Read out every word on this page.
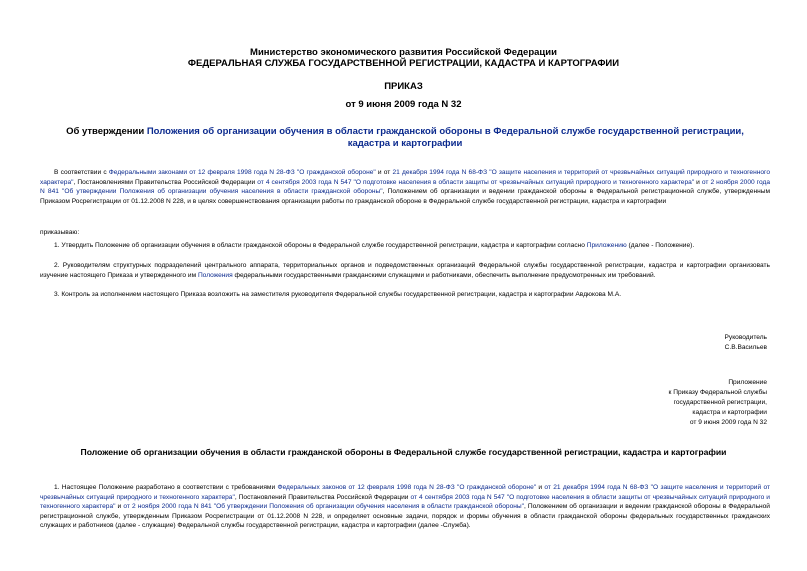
Министерство экономического развития Российской Федерации
ФЕДЕРАЛЬНАЯ СЛУЖБА ГОСУДАРСТВЕННОЙ РЕГИСТРАЦИИ, КАДАСТРА И КАРТОГРАФИИ
ПРИКАЗ
от 9 июня 2009 года N 32
Об утверждении Положения об организации обучения в области гражданской обороны в Федеральной службе государственной регистрации, кадастра и картографии
В соответствии с Федеральными законами от 12 февраля 1998 года N 28-ФЗ "О гражданской обороне" и от 21 декабря 1994 года N 68-ФЗ "О защите населения и территорий от чрезвычайных ситуаций природного и техногенного характера", Постановлениями Правительства Российской Федерации от 4 сентября 2003 года N 547 "О подготовке населения в области защиты от чрезвычайных ситуаций природного и техногенного характера" и от 2 ноября 2000 года N 841 "Об утверждении Положения об организации обучения населения в области гражданской обороны", Положением об организации и ведении гражданской обороны в Федеральной регистрационной службе, утвержденным Приказом Росрегистрации от 01.12.2008 N 228, и в целях совершенствования организации работы по гражданской обороне в Федеральной службе государственной регистрации, кадастра и картографии
приказываю:
1. Утвердить Положение об организации обучения в области гражданской обороны в Федеральной службе государственной регистрации, кадастра и картографии согласно Приложению (далее - Положение).
2. Руководителям структурных подразделений центрального аппарата, территориальных органов и подведомственных организаций Федеральной службы государственной регистрации, кадастра и картографии организовать изучение настоящего Приказа и утвержденного им Положения федеральными государственными гражданскими служащими и работниками, обеспечить выполнение предусмотренных им требований.
3. Контроль за исполнением настоящего Приказа возложить на заместителя руководителя Федеральной службы государственной регистрации, кадастра и картографии Авдюкова М.А.
Руководитель
С.В.Васильев
Приложение
к Приказу Федеральной службы
государственной регистрации,
кадастра и картографии
от 9 июня 2009 года N 32
Положение об организации обучения в области гражданской обороны в Федеральной службе государственной регистрации, кадастра и картографии
1. Настоящее Положение разработано в соответствии с требованиями Федеральных законов от 12 февраля 1998 года N 28-ФЗ "О гражданской обороне" и от 21 декабря 1994 года N 68-ФЗ "О защите населения и территорий от чрезвычайных ситуаций природного и техногенного характера", Постановлений Правительства Российской Федерации от 4 сентября 2003 года N 547 "О подготовке населения в области защиты от чрезвычайных ситуаций природного и техногенного характера" и от 2 ноября 2000 года N 841 "Об утверждении Положения об организации обучения населения в области гражданской обороны", Положением об организации и ведении гражданской обороны в Федеральной регистрационной службе, утвержденным Приказом Росрегистрации от 01.12.2008 N 228, и определяет основные задачи, порядок и формы обучения в области гражданской обороны федеральных государственных гражданских служащих и работников (далее - служащие) Федеральной службы государственной регистрации, кадастра и картографии (далее -Служба).
